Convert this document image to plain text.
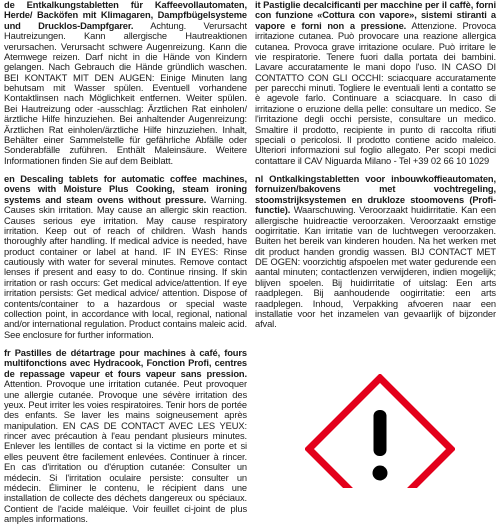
de Entkalkungstabletten für Kaffeevollautomaten, Herde/ Backöfen mit Klimagaren, Dampfbügelsysteme und Drucklos-Dampfgarer. Achtung. Verursacht Hautreizungen. Kann allergische Hautreaktionen verursachen. Verursacht schwere Augenreizung. Kann die Atemwege reizen. Darf nicht in die Hände von Kindern gelangen. Nach Gebrauch die Hände gründlich waschen. BEI KONTAKT MIT DEN AUGEN: Einige Minuten lang behutsam mit Wasser spülen. Eventuell vorhandene Kontaktlinsen nach Möglichkeit entfernen. Weiter spülen. Bei Hautreizung oder -ausschlag: Ärztlichen Rat einholen/ärztliche Hilfe hinzuziehen. Bei anhaltender Augenreizung: Ärztlichen Rat einholen/ärztliche Hilfe hinzuziehen. Inhalt, Behälter einer Sammelstelle für gefährliche Abfälle oder Sonderabfälle zuführen. Enthält Maleinsäure. Weitere Informationen finden Sie auf dem Beiblatt.

en Descaling tablets for automatic coffee machines, ovens with Moisture Plus Cooking, steam ironing systems and steam ovens without pressure. Warning. Causes skin irritation. May cause an allergic skin reaction. Causes serious eye irritation. May cause respiratory irritation. Keep out of reach of children. Wash hands thoroughly after handling. If medical advice is needed, have product container or label at hand. IF IN EYES: Rinse cautiously with water for several minutes. Remove contact lenses if present and easy to do. Continue rinsing. If skin irritation or rash occurs: Get medical advice/attention. If eye irritation persists: Get medical advice/ attention. Dispose of contents/container to a hazardous or special waste collection point, in accordance with local, regional, national and/or international regulation. Product contains maleic acid. See enclosure for further information.

fr Pastilles de détartrage pour machines à café, fours multifonctions avec Hydracook, Fonction Profi, centres de repassage vapeur et fours vapeur sans pression. Attention. Provoque une irritation cutanée. Peut provoquer une allergie cutanée. Provoque une sévère irritation des yeux. Peut irriter les voies respiratoires. Tenir hors de portée des enfants. Se laver les mains soigneusement après manipulation. EN CAS DE CONTACT AVEC LES YEUX: rincer avec précaution à l'eau pendant plusieurs minutes. Enlever les lentilles de contact si la victime en porte et si elles peuvent être facilement enlevées. Continuer à rincer. En cas d'irritation ou d'éruption cutanée: Consulter un médecin. Si l'irritation oculaire persiste: consulter un médecin. Éliminer le contenu, le récipient dans une installation de collecte des déchets dangereux ou spéciaux. Contient de l'acide maléique. Voir feuillet ci-joint de plus amples informations.

it Pastiglie decalcificanti per macchine per il caffè, forni con funzione «Cottura con vapore», sistemi stiranti a vapore e forni non a pressione. Attenzione. Provoca irritazione cutanea. Può provocare una reazione allergica cutanea. Provoca grave irritazione oculare. Può irritare le vie respiratorie. Tenere fuori dalla portata dei bambini. Lavare accuratamente le mani dopo l'uso. IN CASO DI CONTATTO CON GLI OCCHI: sciacquare accuratamente per parecchi minuti. Togliere le eventuali lenti a contatto se è agevole farlo. Continuare a sciacquare. In caso di irritazione o eruzione della pelle: consultare un medico. Se l'irritazione degli occhi persiste, consultare un medico. Smaltire il prodotto, recipiente in punto di raccolta rifiuti speciali o pericolosi. Il prodotto contiene acido maleico. Ulteriori informazioni sul foglio allegato. Per scopi medici contattare il CAV Niguarda Milano - Tel +39 02 66 10 1029

nl Ontkalkingstabletten voor inbouwkoffieautomaten, fornuizen/bakovens met vochtregeling, stoomstrijksystemen en drukloze stoomovens (Profi-functie). Waarschuwing. Veroorzaakt huidirritatie. Kan een allergische huidreactie veroorzaken. Veroorzaakt ernstige oogirritatie. Kan irritatie van de luchtwegen veroorzaken. Buiten het bereik van kinderen houden. Na het werken met dit product handen grondig wassen. BIJ CONTACT MET DE OGEN: voorzichtig afspoelen met water gedurende een aantal minuten; contactlenzen verwijderen, indien mogelijk; blijven spoelen. Bij huidirritatie of uitslag: Een arts raadplegen. Bij aanhoudende oogirritatie: een arts raadplegen. Inhoud, Verpakking afvoeren naar een installatie voor het inzamelen van gevaarlijk of bijzonder afval.
